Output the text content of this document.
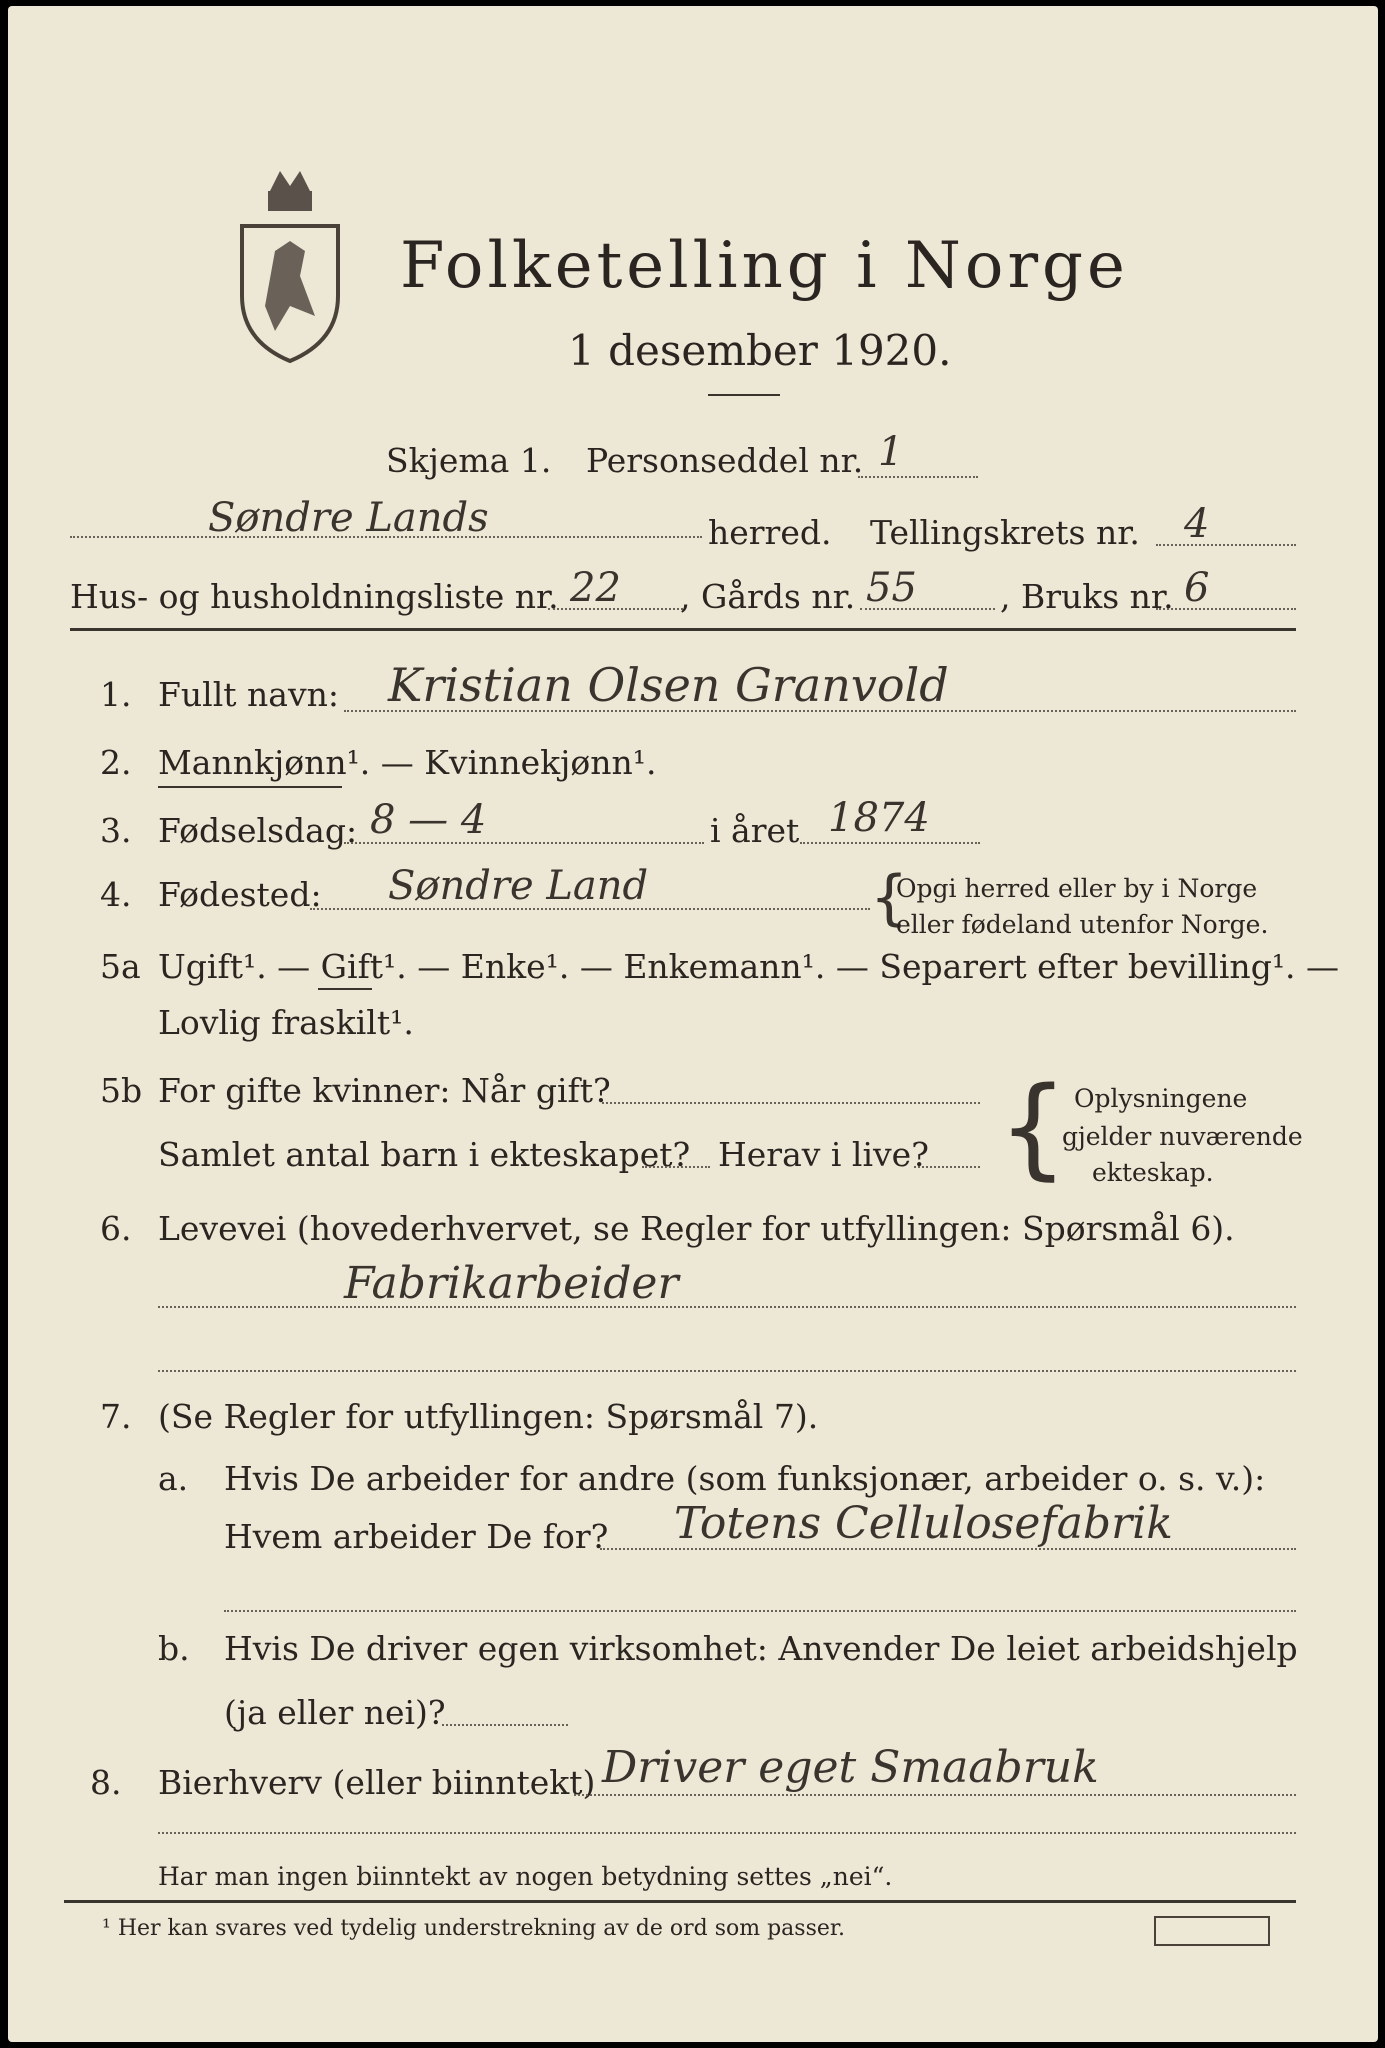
Folketelling i Norge
1 desember 1920.
Skjema 1. Personseddel nr. 1
Søndre Lands	herred. Tellingskrets nr. 4
Hus- og husholdningsliste nr. 22 , Gårds nr. 55	, Bruks nr. 6
1. Fullt navn: Kristian Olsen Granvold
2. Mannkjønn¹. — Kvinnekjønn¹.
3. Fødselsdag: 8 — 4	i året 1874
4. Fødested: Søndre Land	{
Opgi herred eller by i Norge
eller fødeland utenfor Norge.
5a Ugift¹. — Gift¹. — Enke¹. — Enkemann¹. — Separert efter bevilling¹. —
Lovlig fraskilt¹.
5b For gifte kvinner: Når gift?
Samlet antal barn i ekteskapet? Herav i live? { Oplysningene
gjelder nuværende
ekteskap.
6. Levevei (hovederhvervet, se Regler for utfyllingen: Spørsmål 6).
Fabrikarbeider
7. (Se Regler for utfyllingen: Spørsmål 7).
a. Hvis De arbeider for andre (som funksjonær, arbeider o. s. v.):
Hvem arbeider De for? Totens Cellulosefabrik
b. Hvis De driver egen virksomhet: Anvender De leiet arbeidshjelp
(ja eller nei)?
8. Bierhverv (eller biinntekt) Driver eget Smaabruk
Har man ingen biinntekt av nogen betydning settes „nei“.
¹ Her kan svares ved tydelig understrekning av de ord som passer.
